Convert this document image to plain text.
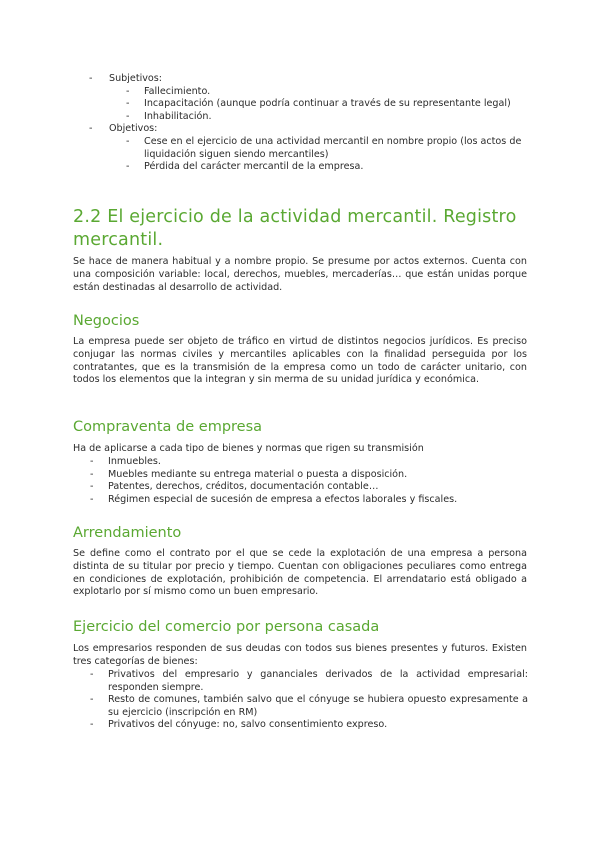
- Subjetivos:
- Fallecimiento.
- Incapacitación (aunque podría continuar a través de su representante legal)
- Inhabilitación.
- Objetivos:
- Cese en el ejercicio de una actividad mercantil en nombre propio (los actos de liquidación siguen siendo mercantiles)
- Pérdida del carácter mercantil de la empresa.
2.2 El ejercicio de la actividad mercantil. Registro mercantil.

Se hace de manera habitual y a nombre propio. Se presume por actos externos. Cuenta con una composición variable: local, derechos, muebles, mercaderías… que están unidas porque están destinadas al desarrollo de actividad.

Negocios

La empresa puede ser objeto de tráfico en virtud de distintos negocios jurídicos. Es preciso conjugar las normas civiles y mercantiles aplicables con la finalidad perseguida por los contratantes, que es la transmisión de la empresa como un todo de carácter unitario, con todos los elementos que la integran y sin merma de su unidad jurídica y económica.

Compraventa de empresa

Ha de aplicarse a cada tipo de bienes y normas que rigen su transmisión

- Inmuebles.
- Muebles mediante su entrega material o puesta a disposición.
- Patentes, derechos, créditos, documentación contable…
- Régimen especial de sucesión de empresa a efectos laborales y fiscales.
Arrendamiento

Se define como el contrato por el que se cede la explotación de una empresa a persona distinta de su titular por precio y tiempo. Cuentan con obligaciones peculiares como entrega en condiciones de explotación, prohibición de competencia. El arrendatario está obligado a explotarlo por sí mismo como un buen empresario.

Ejercicio del comercio por persona casada

Los empresarios responden de sus deudas con todos sus bienes presentes y futuros. Existen tres categorías de bienes:

- Privativos del empresario y gananciales derivados de la actividad empresarial: responden siempre.
- Resto de comunes, también salvo que el cónyuge se hubiera opuesto expresamente a su ejercicio (inscripción en RM)
- Privativos del cónyuge: no, salvo consentimiento expreso.
